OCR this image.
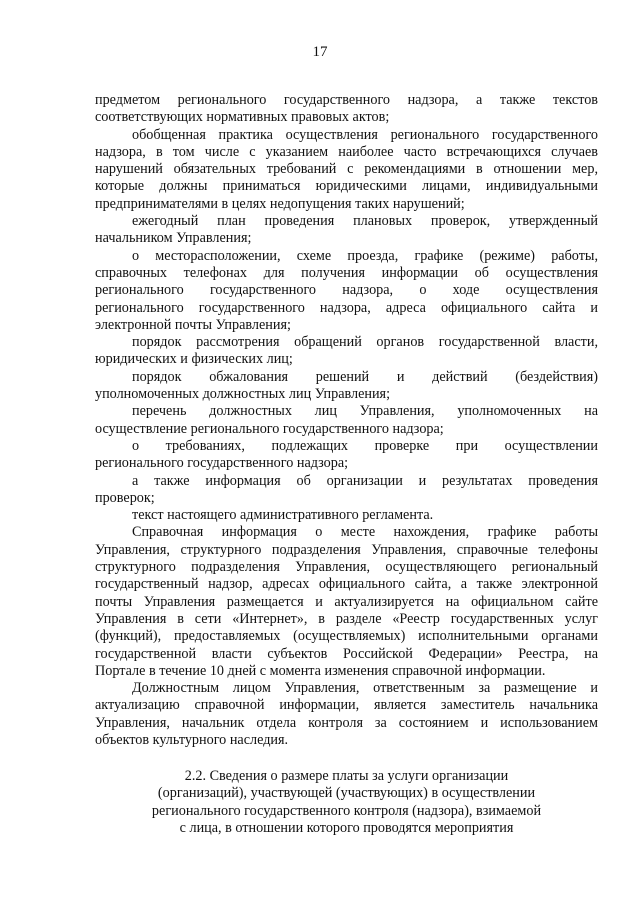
17
предметом регионального государственного надзора, а также текстов
соответствующих нормативных правовых актов;
обобщенная практика осуществления регионального государственного
надзора, в том числе с указанием наиболее часто встречающихся случаев
нарушений обязательных требований с рекомендациями в отношении мер,
которые должны приниматься юридическими лицами, индивидуальными
предпринимателями в целях недопущения таких нарушений;
ежегодный план проведения плановых проверок, утвержденный
начальником Управления;
о месторасположении, схеме проезда, графике (режиме) работы,
справочных телефонах для получения информации об осуществления
регионального государственного надзора, о ходе осуществления
регионального государственного надзора, адреса официального сайта и
электронной почты Управления;
порядок рассмотрения обращений органов государственной власти,
юридических и физических лиц;
порядок обжалования решений и действий (бездействия)
уполномоченных должностных лиц Управления;
перечень должностных лиц Управления, уполномоченных на
осуществление регионального государственного надзора;
о требованиях, подлежащих проверке при осуществлении
регионального государственного надзора;
а также информация об организации и результатах проведения
проверок;
текст настоящего административного регламента.
Справочная информация о месте нахождения, графике работы
Управления, структурного подразделения Управления, справочные телефоны
структурного подразделения Управления, осуществляющего региональный
государственный надзор, адресах официального сайта, а также электронной
почты Управления размещается и актуализируется на официальном сайте
Управления в сети «Интернет», в разделе «Реестр государственных услуг
(функций), предоставляемых (осуществляемых) исполнительными органами
государственной власти субъектов Российской Федерации» Реестра, на
Портале в течение 10 дней с момента изменения справочной информации.
Должностным лицом Управления, ответственным за размещение и
актуализацию справочной информации, является заместитель начальника
Управления, начальник отдела контроля за состоянием и использованием
объектов культурного наследия.
2.2. Сведения о размере платы за услуги организации
(организаций), участвующей (участвующих) в осуществлении
регионального государственного контроля (надзора), взимаемой
с лица, в отношении которого проводятся мероприятия
